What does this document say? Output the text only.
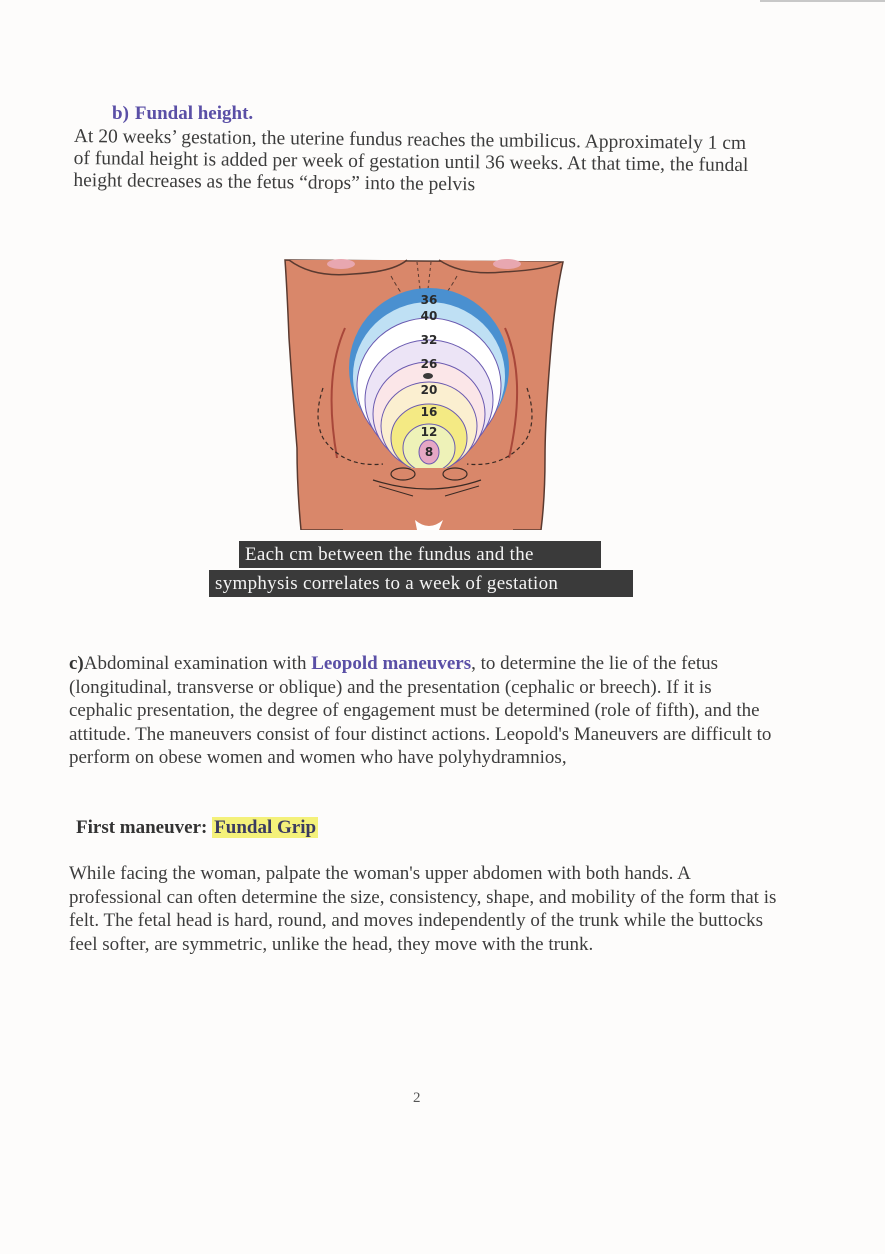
b) Fundal height.

At 20 weeks’ gestation, the uterine fundus reaches the umbilicus. Approximately 1 cm of fundal height is added per week of gestation until 36 weeks. At that time, the fundal height decreases as the fetus “drops” into the pelvis

36
40
32
26
20
16
12
8
Each cm between the fundus and the
symphysis correlates to a week of gestation

c)Abdominal examination with Leopold maneuvers, to determine the lie of the fetus (longitudinal, transverse or oblique) and the presentation (cephalic or breech). If it is cephalic presentation, the degree of engagement must be determined (role of fifth), and the attitude. The maneuvers consist of four distinct actions. Leopold's Maneuvers are difficult to perform on obese women and women who have polyhydramnios,

First maneuver: Fundal Grip

While facing the woman, palpate the woman's upper abdomen with both hands. A professional can often determine the size, consistency, shape, and mobility of the form that is felt. The fetal head is hard, round, and moves independently of the trunk while the buttocks feel softer, are symmetric, unlike the head, they move with the trunk.

2
